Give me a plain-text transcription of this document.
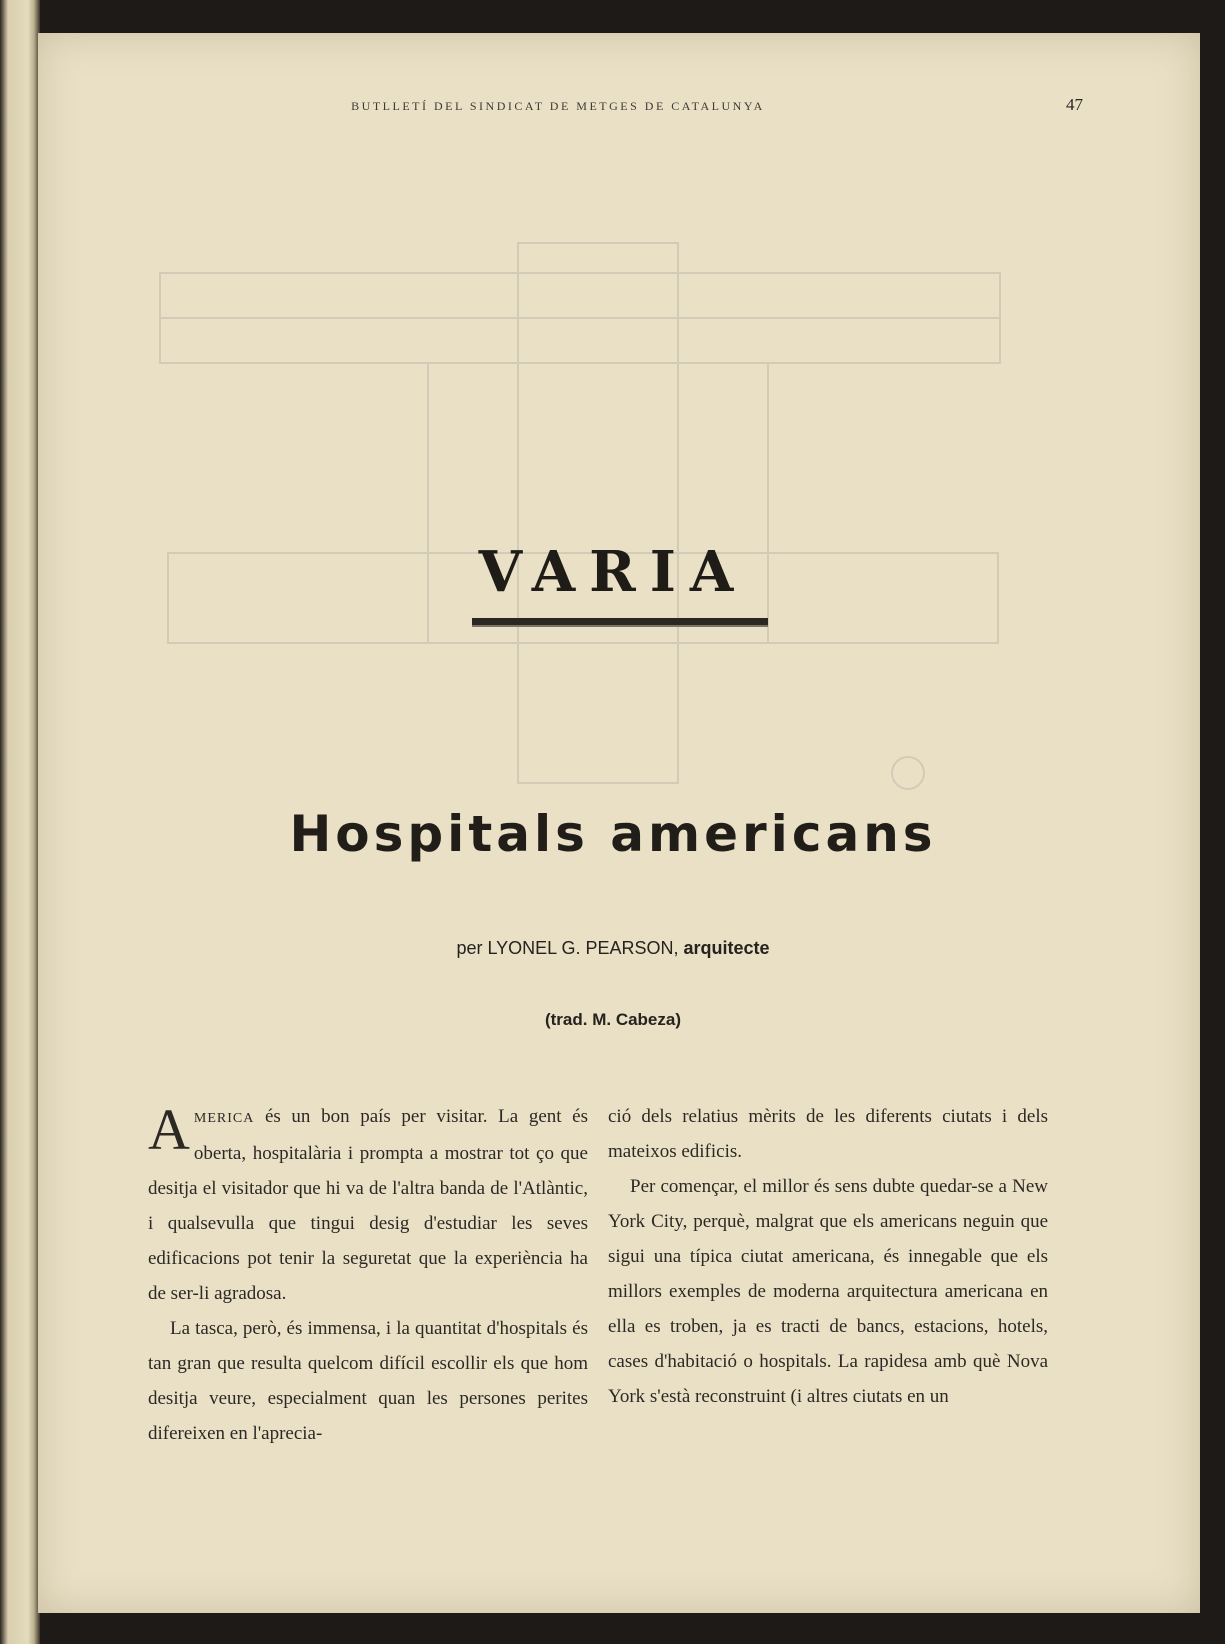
BUTLLETÍ DEL SINDICAT DE METGES DE CATALUNYA	47
VARIA
Hospitals americans
per LYONEL G. PEARSON, arquitecte
(trad. M. Cabeza)

AMERICA és un bon país per visitar. La gent és oberta, hospitalària i prompta a mostrar tot ço que desitja el visitador que hi va de l'altra banda de l'Atlàntic, i qualsevulla que tingui desig d'estudiar les seves edificacions pot tenir la seguretat que la experiència ha de ser-li agradosa.

La tasca, però, és immensa, i la quantitat d'hospitals és tan gran que resulta quelcom difícil escollir els que hom desitja veure, especialment quan les persones perites difereixen en l'aprecia-

ció dels relatius mèrits de les diferents ciutats i dels mateixos edificis.

Per començar, el millor és sens dubte quedar-se a New York City, perquè, malgrat que els americans neguin que sigui una típica ciutat americana, és innegable que els millors exemples de moderna arquitectura americana en ella es troben, ja es tracti de bancs, estacions, hotels, cases d'habitació o hospitals. La rapidesa amb què Nova York s'està reconstruint (i altres ciutats en un
